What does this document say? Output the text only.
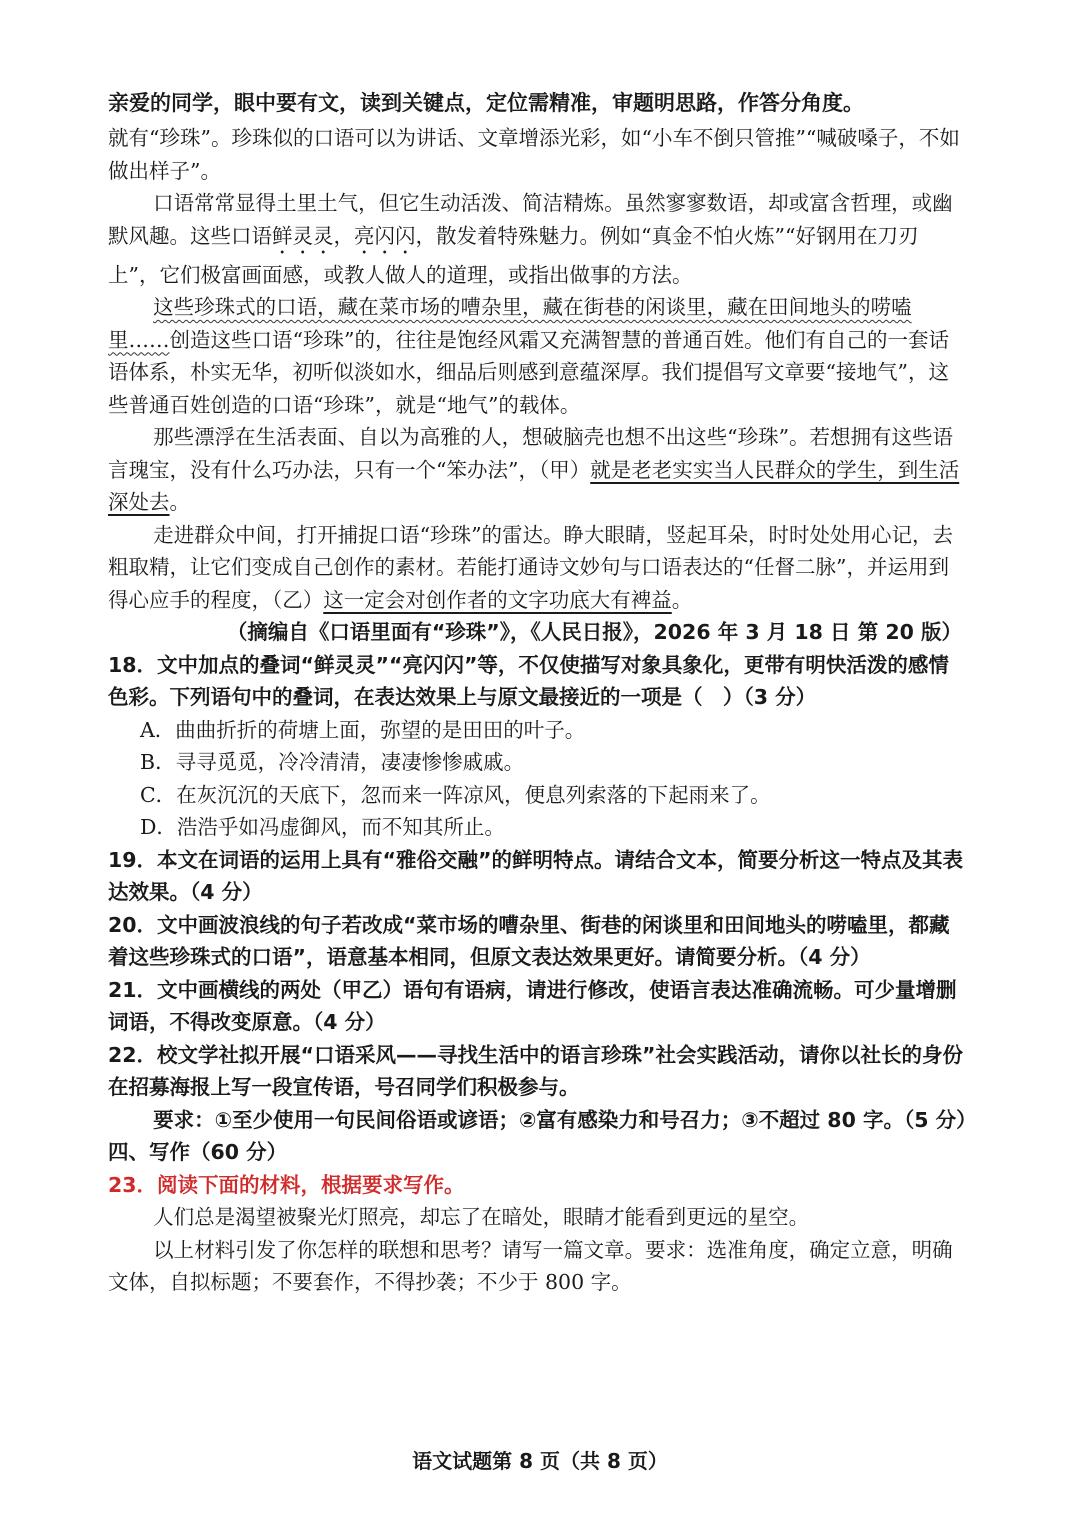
亲爱的同学，眼中要有文，读到关键点，定位需精准，审题明思路，作答分角度。

就有“珍珠”。珍珠似的口语可以为讲话、文章增添光彩，如“小车不倒只管推”“喊破嗓子，不如做出样子”。

口语常常显得土里土气，但它生动活泼、简洁精炼。虽然寥寥数语，却或富含哲理，或幽默风趣。这些口语鲜灵灵，亮闪闪，散发着特殊魅力。例如“真金不怕火炼”“好钢用在刀刃上”，它们极富画面感，或教人做人的道理，或指出做事的方法。

这些珍珠式的口语，藏在菜市场的嘈杂里，藏在街巷的闲谈里，藏在田间地头的唠嗑里……创造这些口语“珍珠”的，往往是饱经风霜又充满智慧的普通百姓。他们有自己的一套话语体系，朴实无华，初听似淡如水，细品后则感到意蕴深厚。我们提倡写文章要“接地气”，这些普通百姓创造的口语“珍珠”，就是“地气”的载体。

那些漂浮在生活表面、自以为高雅的人，想破脑壳也想不出这些“珍珠”。若想拥有这些语言瑰宝，没有什么巧办法，只有一个“笨办法”，（甲）就是老老实实当人民群众的学生，到生活深处去。

走进群众中间，打开捕捉口语“珍珠”的雷达。睁大眼睛，竖起耳朵，时时处处用心记，去粗取精，让它们变成自己创作的素材。若能打通诗文妙句与口语表达的“任督二脉”，并运用到得心应手的程度，（乙）这一定会对创作者的文字功底大有裨益。

（摘编自《口语里面有“珍珠”》，《人民日报》，2026 年 3 月 18 日 第 20 版）

18．文中加点的叠词“鲜灵灵”“亮闪闪”等，不仅使描写对象具象化，更带有明快活泼的感情色彩。下列语句中的叠词，在表达效果上与原文最接近的一项是（　）（3 分）

A．曲曲折折的荷塘上面，弥望的是田田的叶子。

B．寻寻觅觅，冷冷清清，凄凄惨惨戚戚。

C．在灰沉沉的天底下，忽而来一阵凉风，便息列索落的下起雨来了。

D．浩浩乎如冯虚御风，而不知其所止。

19．本文在词语的运用上具有“雅俗交融”的鲜明特点。请结合文本，简要分析这一特点及其表达效果。（4 分）

20．文中画波浪线的句子若改成“菜市场的嘈杂里、街巷的闲谈里和田间地头的唠嗑里，都藏着这些珍珠式的口语”，语意基本相同，但原文表达效果更好。请简要分析。（4 分）

21．文中画横线的两处（甲乙）语句有语病，请进行修改，使语言表达准确流畅。可少量增删词语，不得改变原意。（4 分）

22．校文学社拟开展“口语采风——寻找生活中的语言珍珠”社会实践活动，请你以社长的身份在招募海报上写一段宣传语，号召同学们积极参与。

要求：①至少使用一句民间俗语或谚语；②富有感染力和号召力；③不超过 80 字。（5 分）

四、写作（60 分）

23．阅读下面的材料，根据要求写作。

人们总是渴望被聚光灯照亮，却忘了在暗处，眼睛才能看到更远的星空。

以上材料引发了你怎样的联想和思考？请写一篇文章。要求：选准角度，确定立意，明确文体，自拟标题；不要套作，不得抄袭；不少于 800 字。

语文试题第 8 页（共 8 页）
